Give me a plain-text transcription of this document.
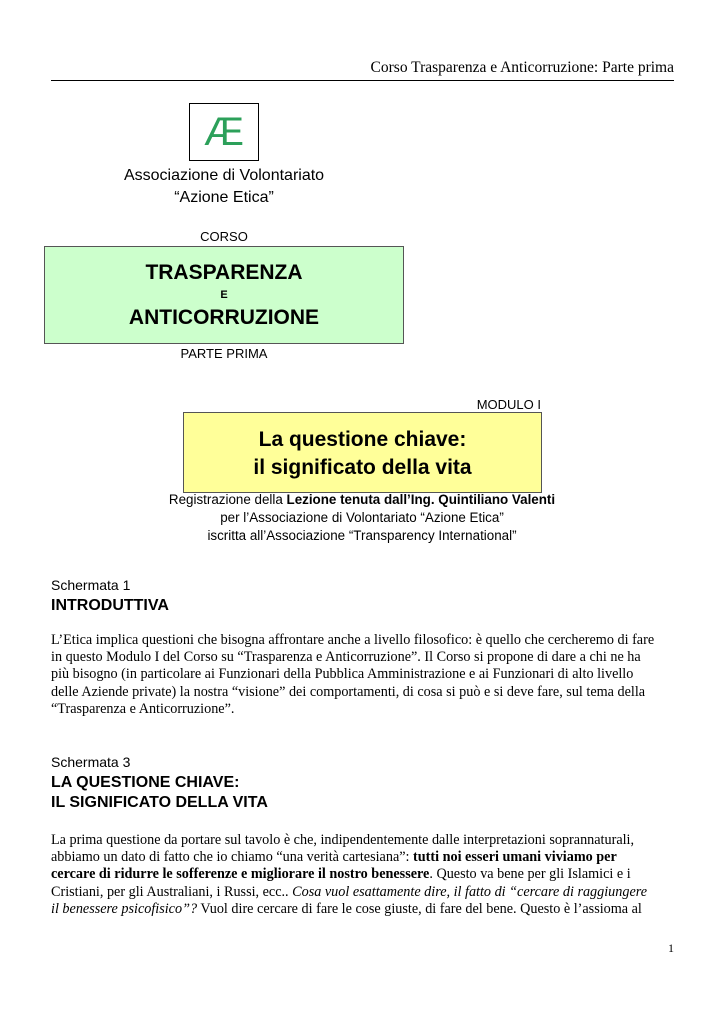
Corso Trasparenza e Anticorruzione: Parte prima
Æ
Associazione di Volontariato
“Azione Etica”
CORSO
TRASPARENZA
E
ANTICORRUZIONE
PARTE PRIMA
MODULO I
La questione chiave:
il significato della vita
Registrazione della Lezione tenuta dall’Ing. Quintiliano Valenti
per l’Associazione di Volontariato “Azione Etica”
iscritta all’Associazione “Transparency International”
Schermata 1
INTRODUTTIVA
L’Etica implica questioni che bisogna affrontare anche a livello filosofico: è quello che cercheremo di fare
in questo Modulo I del Corso su “Trasparenza e Anticorruzione”. Il Corso si propone di dare a chi ne ha
più bisogno (in particolare ai Funzionari della Pubblica Amministrazione e ai Funzionari di alto livello
delle Aziende private) la nostra “visione” dei comportamenti, di cosa si può e si deve fare, sul tema della
“Trasparenza e Anticorruzione”.
Schermata 3
LA QUESTIONE CHIAVE:
IL SIGNIFICATO DELLA VITA
La prima questione da portare sul tavolo è che, indipendentemente dalle interpretazioni soprannaturali,
abbiamo un dato di fatto che io chiamo “una verità cartesiana”: tutti noi esseri umani viviamo per
cercare di ridurre le sofferenze e migliorare il nostro benessere. Questo va bene per gli Islamici e i
Cristiani, per gli Australiani, i Russi, ecc.. Cosa vuol esattamente dire, il fatto di “cercare di raggiungere
il benessere psicofisico”? Vuol dire cercare di fare le cose giuste, di fare del bene. Questo è l’assioma al
1
